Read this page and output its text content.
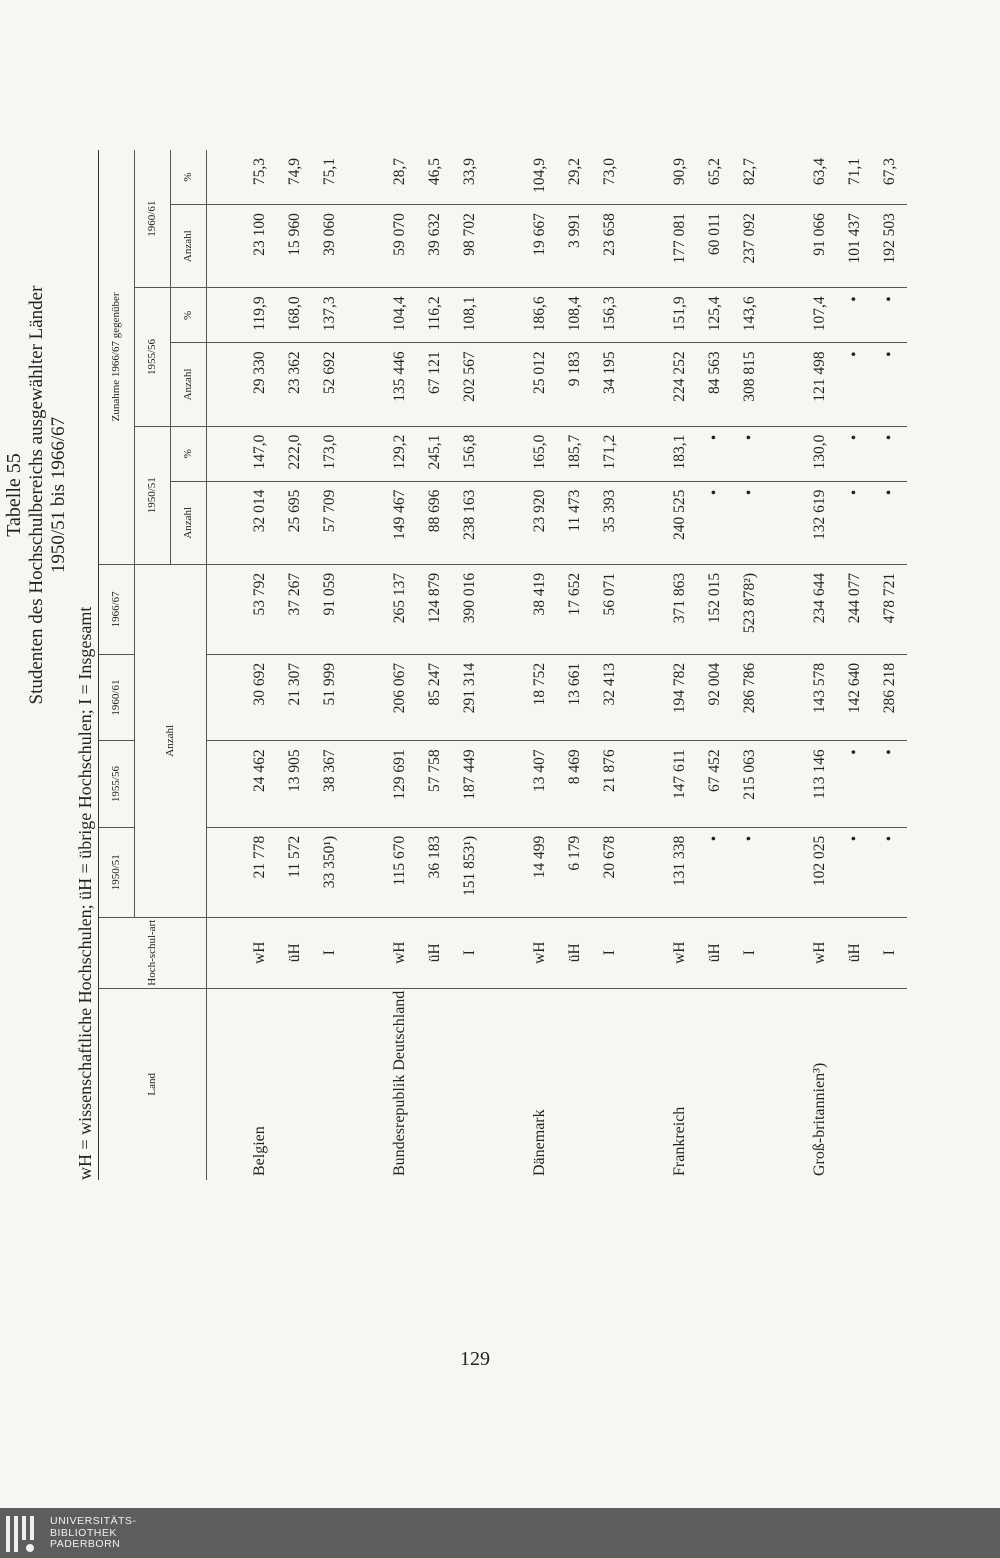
Tabelle 55 Studenten des Hochschulbereichs ausgewählter Länder 1950/51 bis 1966/67
wH = wissenschaftliche Hochschulen; üH = übrige Hochschulen; I = Insgesamt	Land	Hoch-schul-art	1950/51	1955/56	1960/61	1966/67	Zunahme 1966/67 gegenüber					
		Anzahl				1950/51		1955/56		1960/61	
						Anzahl	%	Anzahl	%	Anzahl	%

Belgien	wH	21 778	24 462	30 692	53 792	32 014	147,0	29 330	119,9	23 100	75,3
	üH	11 572	13 905	21 307	37 267	25 695	222,0	23 362	168,0	15 960	74,9
	I	33 350¹)	38 367	51 999	91 059	57 709	173,0	52 692	137,3	39 060	75,1

Bundesrepublik Deutschland	wH	115 670	129 691	206 067	265 137	149 467	129,2	135 446	104,4	59 070	28,7
	üH	36 183	57 758	85 247	124 879	88 696	245,1	67 121	116,2	39 632	46,5
	I	151 853¹)	187 449	291 314	390 016	238 163	156,8	202 567	108,1	98 702	33,9

Dänemark	wH	14 499	13 407	18 752	38 419	23 920	165,0	25 012	186,6	19 667	104,9
	üH	6 179	8 469	13 661	17 652	11 473	185,7	9 183	108,4	3 991	29,2
	I	20 678	21 876	32 413	56 071	35 393	171,2	34 195	156,3	23 658	73,0

Frankreich	wH	131 338	147 611	194 782	371 863	240 525	183,1	224 252	151,9	177 081	90,9
	üH	•	67 452	92 004	152 015	•	•	84 563	125,4	60 011	65,2
	I	•	215 063	286 786	523 878²)	•	•	308 815	143,6	237 092	82,7

Groß-britannien³)	wH	102 025	113 146	143 578	234 644	132 619	130,0	121 498	107,4	91 066	63,4
	üH	•	•	142 640	244 077	•	•	•	•	101 437	71,1
	I	•	•	286 218	478 721	•	•	•	•	192 503	67,3
129
UNIVERSITÄTS-
BIBLIOTHEK
PADERBORN
